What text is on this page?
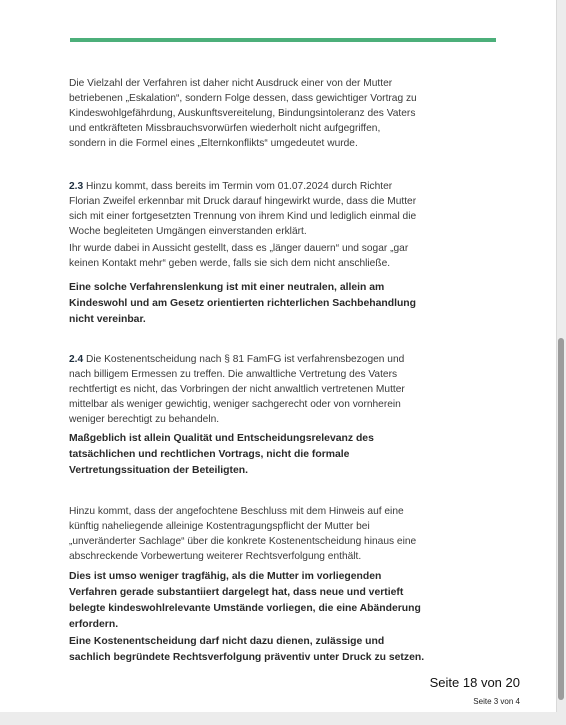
Die Vielzahl der Verfahren ist daher nicht Ausdruck einer von der Mutter
betriebenen „Eskalation“, sondern Folge dessen, dass gewichtiger Vortrag zu
Kindeswohlgefährdung, Auskunftsvereitelung, Bindungsintoleranz des Vaters
und entkräfteten Missbrauchsvorwürfen wiederholt nicht aufgegriffen,
sondern in die Formel eines „Elternkonflikts“ umgedeutet wurde.

2.3 Hinzu kommt, dass bereits im Termin vom 01.07.2024 durch Richter
Florian Zweifel erkennbar mit Druck darauf hingewirkt wurde, dass die Mutter
sich mit einer fortgesetzten Trennung von ihrem Kind und lediglich einmal die
Woche begleiteten Umgängen einverstanden erklärt.

Ihr wurde dabei in Aussicht gestellt, dass es „länger dauern“ und sogar „gar
keinen Kontakt mehr“ geben werde, falls sie sich dem nicht anschließe.

Eine solche Verfahrenslenkung ist mit einer neutralen, allein am
Kindeswohl und am Gesetz orientierten richterlichen Sachbehandlung
nicht vereinbar.

2.4 Die Kostenentscheidung nach § 81 FamFG ist verfahrensbezogen und
nach billigem Ermessen zu treffen. Die anwaltliche Vertretung des Vaters
rechtfertigt es nicht, das Vorbringen der nicht anwaltlich vertretenen Mutter
mittelbar als weniger gewichtig, weniger sachgerecht oder von vornherein
weniger berechtigt zu behandeln.

Maßgeblich ist allein Qualität und Entscheidungsrelevanz des
tatsächlichen und rechtlichen Vortrags, nicht die formale
Vertretungssituation der Beteiligten.

Hinzu kommt, dass der angefochtene Beschluss mit dem Hinweis auf eine
künftig naheliegende alleinige Kostentragungspflicht der Mutter bei
„unveränderter Sachlage“ über die konkrete Kostenentscheidung hinaus eine
abschreckende Vorbewertung weiterer Rechtsverfolgung enthält.

Dies ist umso weniger tragfähig, als die Mutter im vorliegenden
Verfahren gerade substantiiert dargelegt hat, dass neue und vertieft
belegte kindeswohlrelevante Umstände vorliegen, die eine Abänderung
erfordern.

Eine Kostenentscheidung darf nicht dazu dienen, zulässige und
sachlich begründete Rechtsverfolgung präventiv unter Druck zu setzen.

Seite 18 von 20

Seite 3 von 4
